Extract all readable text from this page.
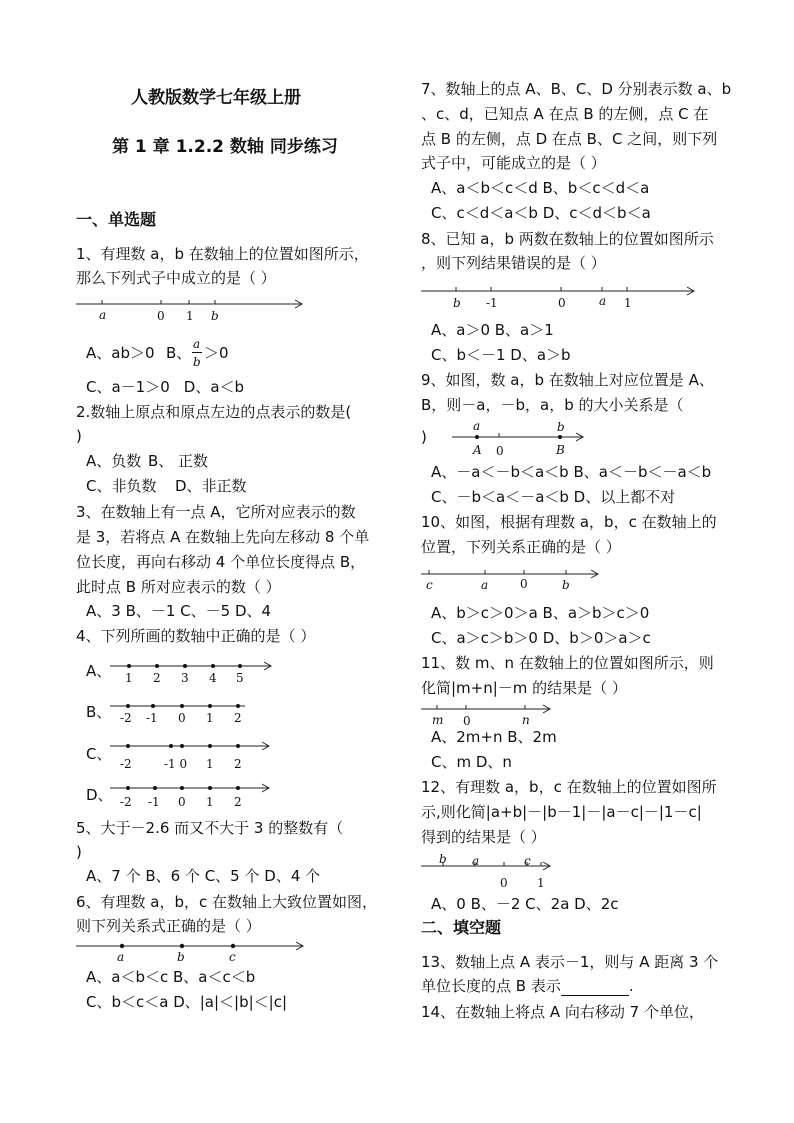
人教版数学七年级上册
第 1 章 1.2.2 数轴 同步练习
一、单选题
1、有理数 a，b 在数轴上的位置如图所示，
那么下列式子中成立的是（ ）
a	0 1 b
A、ab＞0 B、 a
b ＞0
C、a－1＞0 D、a＜b
2.数轴上原点和原点左边的点表示的数是(
)
A、负数 B、 正数
C、非负数 D、非正数
3、在数轴上有一点 A，它所对应表示的数
是 3，若将点 A 在数轴上先向左移动 8 个单
位长度，再向右移动 4 个单位长度得点 B，
此时点 B 所对应表示的数（ ）
A、3 B、－1 C、－5 D、4
4、下列所画的数轴中正确的是（ ）
A、 1 2 3 4 5
B、 -2 -1 0 1 2
C、
-2	-1 0 1 2
D、 -2 -1 0 1 2
5、大于－2.6 而又不大于 3 的整数有（
)
A、7 个 B、6 个 C、5 个 D、4 个
6、有理数 a，b，c 在数轴上大致位置如图，
则下列关系式正确的是（ ）
a	b	c
A、a＜b＜c B、a＜c＜b
C、b＜c＜a D、|a|＜|b|＜|c|
7、数轴上的点 A、B、C、D 分别表示数 a、b
、c、d，已知点 A 在点 B 的左侧，点 C 在
点 B 的左侧，点 D 在点 B、C 之间，则下列
式子中，可能成立的是（ ）
A、a＜b＜c＜d B、b＜c＜d＜a
C、c＜d＜a＜b D、c＜d＜b＜a
8、已知 a，b 两数在数轴上的位置如图所示
，则下列结果错误的是（ ）
b -1	0	a 1
A、a＞0 B、a＞1
C、b＜－1 D、a＞b
9、如图，数 a，b 在数轴上对应位置是 A、
B，则－a，－b，a，b 的大小关系是（
)
a	b
A 0	B
A、－a＜－b＜a＜b B、a＜－b＜－a＜b
C、－b＜a＜－a＜b D、以上都不对
10、如图，根据有理数 a，b，c 在数轴上的
位置，下列关系正确的是（ ）
c	a	0	b
A、b＞c＞0＞a B、a＞b＞c＞0
C、a＞c＞b＞0 D、b＞0＞a＞c
11、数 m、n 在数轴上的位置如图所示，则
化简|m+n|－m 的结果是（ ）
m 0	n
A、2m+n B、2m
C、m D、n
12、有理数 a，b，c 在数轴上的位置如图所
示,则化简|a+b|－|b－1|－|a－c|－|1－c|
得到的结果是（ ）
b a	c
0 1
A、0 B、－2 C、2a D、2c
二、填空题
13、数轴上点 A 表示－1，则与 A 距离 3 个
单位长度的点 B 表示	.
14、在数轴上将点 A 向右移动 7 个单位，
